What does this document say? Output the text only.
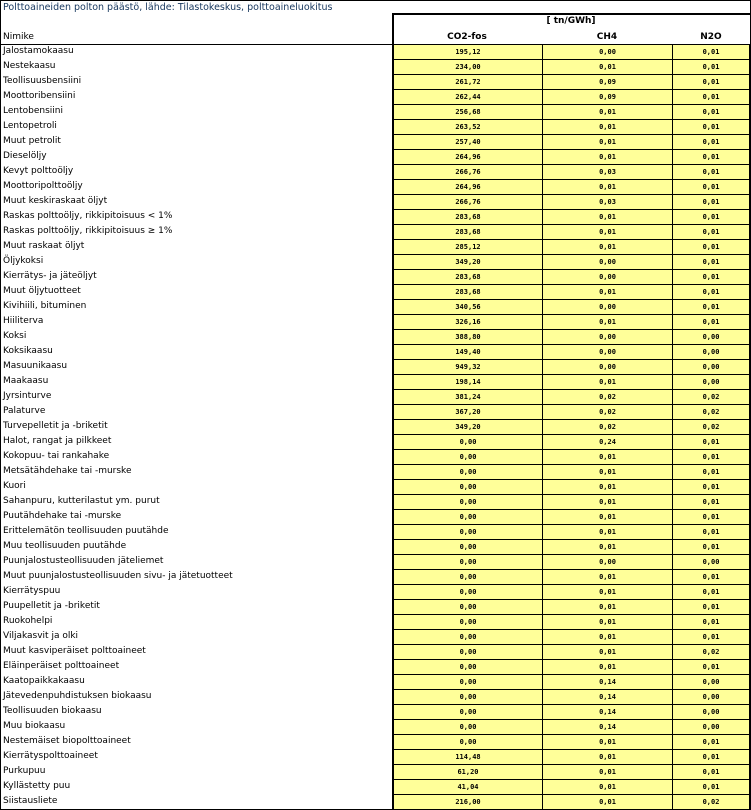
Polttoaineiden polton päästö, lähde: Tilastokeskus, polttoaineluokitus
[ tn/GWh]
Nimike	CO2-fos	CH4	N2O
Jalostamokaasu	195,12	0,00	0,01
Nestekaasu	234,00	0,01	0,01
Teollisuusbensiini	261,72	0,09	0,01
Moottoribensiini	262,44	0,09	0,01
Lentobensiini	256,68	0,01	0,01
Lentopetroli	263,52	0,01	0,01
Muut petrolit	257,40	0,01	0,01
Dieselöljy	264,96	0,01	0,01
Kevyt polttoöljy	266,76	0,03	0,01
Moottoripolttoöljy	264,96	0,01	0,01
Muut keskiraskaat öljyt	266,76	0,03	0,01
Raskas polttoöljy, rikkipitoisuus < 1%	283,68	0,01	0,01
Raskas polttoöljy, rikkipitoisuus ≥ 1%	283,68	0,01	0,01
Muut raskaat öljyt	285,12	0,01	0,01
Öljykoksi	349,20	0,00	0,01
Kierrätys- ja jäteöljyt	283,68	0,00	0,01
Muut öljytuotteet	283,68	0,01	0,01
Kivihiili, bituminen	340,56	0,00	0,01
Hiiliterva	326,16	0,01	0,01
Koksi	388,80	0,00	0,00
Koksikaasu	149,40	0,00	0,00
Masuunikaasu	949,32	0,00	0,00
Maakaasu	198,14	0,01	0,00
Jyrsinturve	381,24	0,02	0,02
Palaturve	367,20	0,02	0,02
Turvepelletit ja -briketit	349,20	0,02	0,02
Halot, rangat ja pilkkeet	0,00	0,24	0,01
Kokopuu- tai rankahake	0,00	0,01	0,01
Metsätähdehake tai -murske	0,00	0,01	0,01
Kuori	0,00	0,01	0,01
Sahanpuru, kutterilastut ym. purut	0,00	0,01	0,01
Puutähdehake tai -murske	0,00	0,01	0,01
Erittelemätön teollisuuden puutähde	0,00	0,01	0,01
Muu teollisuuden puutähde	0,00	0,01	0,01
Puunjalostusteollisuuden jäteliemet	0,00	0,00	0,00
Muut puunjalostusteollisuuden sivu- ja jätetuotteet	0,00	0,01	0,01
Kierrätyspuu	0,00	0,01	0,01
Puupelletit ja -briketit	0,00	0,01	0,01
Ruokohelpi	0,00	0,01	0,01
Viljakasvit ja olki	0,00	0,01	0,01
Muut kasviperäiset polttoaineet	0,00	0,01	0,02
Eläinperäiset polttoaineet	0,00	0,01	0,01
Kaatopaikkakaasu	0,00	0,14	0,00
Jätevedenpuhdistuksen biokaasu	0,00	0,14	0,00
Teollisuuden biokaasu	0,00	0,14	0,00
Muu biokaasu	0,00	0,14	0,00
Nestemäiset biopolttoaineet	0,00	0,01	0,01
Kierrätyspolttoaineet	114,48	0,01	0,01
Purkupuu	61,20	0,01	0,01
Kyllästetty puu	41,04	0,01	0,01
Siistausliete	216,00	0,01	0,02
